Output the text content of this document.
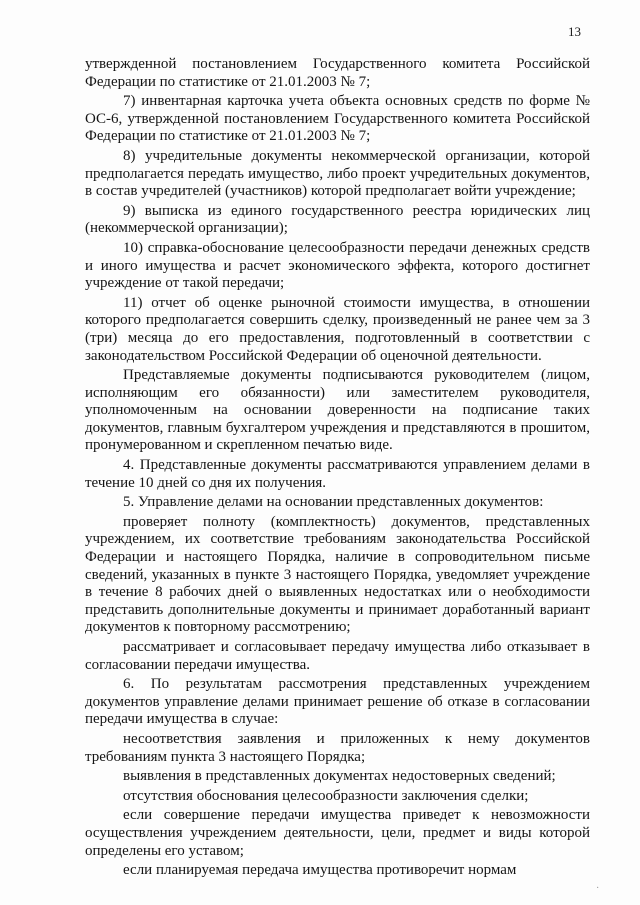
13

утвержденной постановлением Государственного комитета Российской Федерации по статистике от 21.01.2003 № 7;

7) инвентарная карточка учета объекта основных средств по форме № ОС-6, утвержденной постановлением Государственного комитета Российской Федерации по статистике от 21.01.2003 № 7;

8) учредительные документы некоммерческой организации, которой предполагается передать имущество, либо проект учредительных документов, в состав учредителей (участников) которой предполагает войти учреждение;

9) выписка из единого государственного реестра юридических лиц (некоммерческой организации);

10) справка-обоснование целесообразности передачи денежных средств и иного имущества и расчет экономического эффекта, которого достигнет учреждение от такой передачи;

11) отчет об оценке рыночной стоимости имущества, в отношении которого предполагается совершить сделку, произведенный не ранее чем за 3 (три) месяца до его предоставления, подготовленный в соответствии с законодательством Российской Федерации об оценочной деятельности.

Представляемые документы подписываются руководителем (лицом, исполняющим его обязанности) или заместителем руководителя, уполномоченным на основании доверенности на подписание таких документов, главным бухгалтером учреждения и представляются в прошитом, пронумерованном и скрепленном печатью виде.

4. Представленные документы рассматриваются управлением делами в течение 10 дней со дня их получения.

5. Управление делами на основании представленных документов:

проверяет полноту (комплектность) документов, представленных учреждением, их соответствие требованиям законодательства Российской Федерации и настоящего Порядка, наличие в сопроводительном письме сведений, указанных в пункте 3 настоящего Порядка, уведомляет учреждение в течение 8 рабочих дней о выявленных недостатках или о необходимости представить дополнительные документы и принимает доработанный вариант документов к повторному рассмотрению;

рассматривает и согласовывает передачу имущества либо отказывает в согласовании передачи имущества.

6. По результатам рассмотрения представленных учреждением документов управление делами принимает решение об отказе в согласовании передачи имущества в случае:

несоответствия заявления и приложенных к нему документов требованиям пункта 3 настоящего Порядка;

выявления в представленных документах недостоверных сведений;

отсутствия обоснования целесообразности заключения сделки;

если совершение передачи имущества приведет к невозможности осуществления учреждением деятельности, цели, предмет и виды которой определены его уставом;

если планируемая передача имущества противоречит нормам

·
